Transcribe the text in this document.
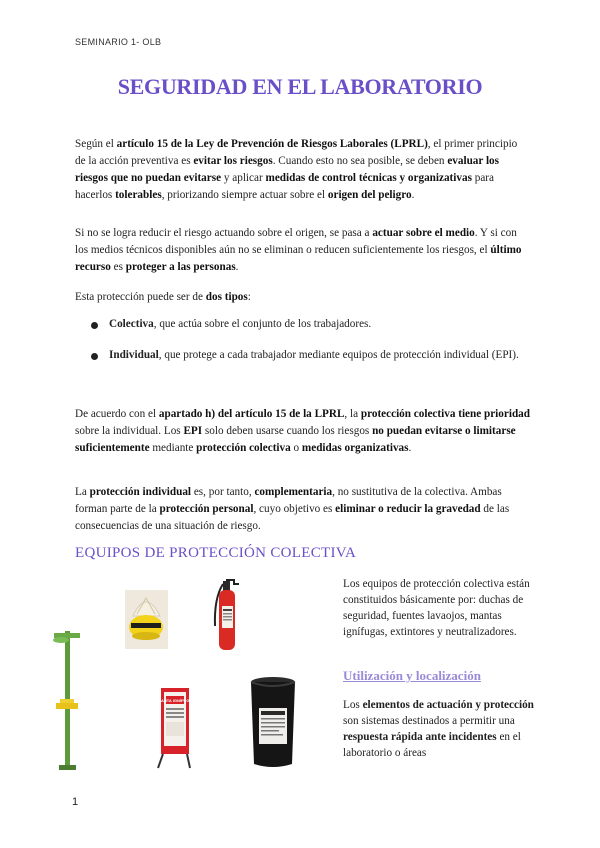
SEMINARIO 1- OLB
SEGURIDAD EN EL LABORATORIO
Según el artículo 15 de la Ley de Prevención de Riesgos Laborales (LPRL), el primer principio de la acción preventiva es evitar los riesgos. Cuando esto no sea posible, se deben evaluar los riesgos que no puedan evitarse y aplicar medidas de control técnicas y organizativas para hacerlos tolerables, priorizando siempre actuar sobre el origen del peligro.
Si no se logra reducir el riesgo actuando sobre el origen, se pasa a actuar sobre el medio. Y si con los medios técnicos disponibles aún no se eliminan o reducen suficientemente los riesgos, el último recurso es proteger a las personas.
Esta protección puede ser de dos tipos:
Colectiva, que actúa sobre el conjunto de los trabajadores.
Individual, que protege a cada trabajador mediante equipos de protección individual (EPI).
De acuerdo con el apartado h) del artículo 15 de la LPRL, la protección colectiva tiene prioridad sobre la individual. Los EPI solo deben usarse cuando los riesgos no puedan evitarse o limitarse suficientemente mediante protección colectiva o medidas organizativas.
La protección individual es, por tanto, complementaria, no sustitutiva de la colectiva. Ambas forman parte de la protección personal, cuyo objetivo es eliminar o reducir la gravedad de las consecuencias de una situación de riesgo.
EQUIPOS DE PROTECCIÓN COLECTIVA
MANTA IGNÍFUGA
Los equipos de protección colectiva están constituidos básicamente por: duchas de seguridad, fuentes lavaojos, mantas ignífugas, extintores y neutralizadores.
Utilización y localización
Los elementos de actuación y protección son sistemas destinados a permitir una respuesta rápida ante incidentes en el laboratorio o áreas
1
